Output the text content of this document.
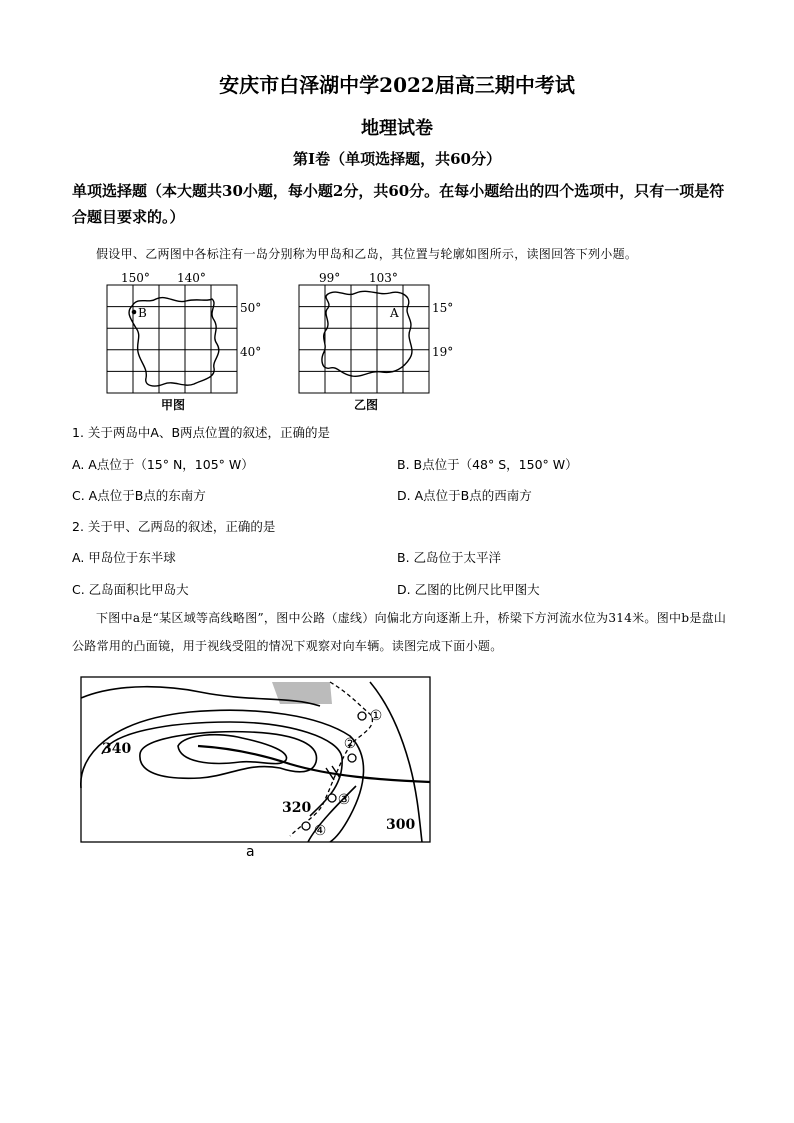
安庆市白泽湖中学2022届高三期中考试
地理试卷
第Ⅰ卷（单项选择题，共60分）
单项选择题（本大题共30小题，每小题2分，共60分。在每小题给出的四个选项中，只有一项是符合题目要求的。）
假设甲、乙两图中各标注有一岛分别称为甲岛和乙岛，其位置与轮廓如图所示，读图回答下列小题。
B
150° 140°
50°
40°
甲图
A
99° 103°
15°
19°
乙图
1. 关于两岛中A、B两点位置的叙述，正确的是
A. A点位于（15° N，105° W）	B. B点位于（48° S，150° W）
C. A点位于B点的东南方	D. A点位于B点的西南方
2. 关于甲、乙两岛的叙述，正确的是
A. 甲岛位于东半球	B. 乙岛位于太平洋
C. 乙岛面积比甲岛大	D. 乙图的比例尺比甲图大
下图中a是“某区域等高线略图”，图中公路（虚线）向偏北方向逐渐上升，桥梁下方河流水位为314米。图中b是盘山公路常用的凸面镜，用于视线受阻的情况下观察对向车辆。读图完成下面小题。
①
②
③
④
340
320
300
a
